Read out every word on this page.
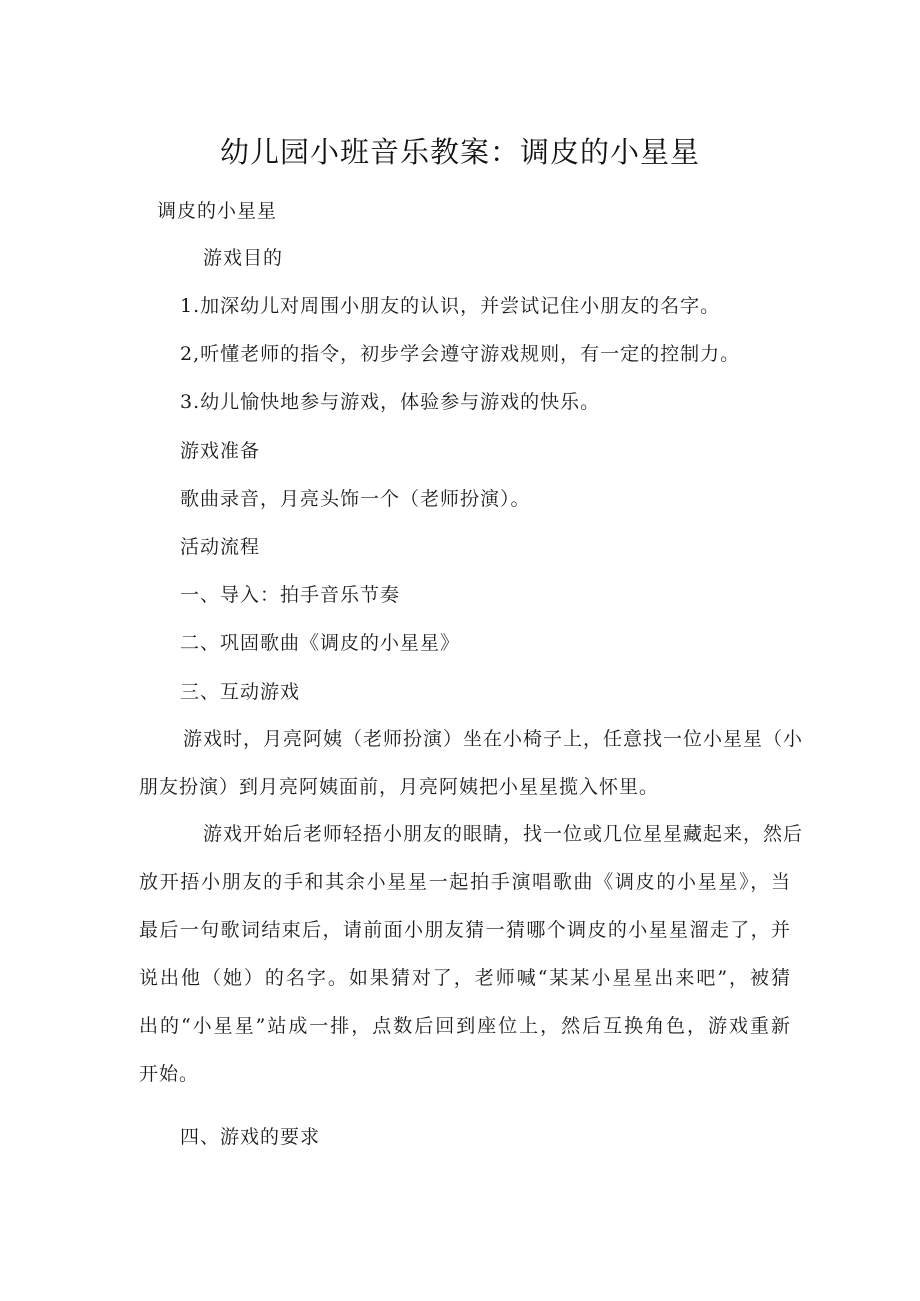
幼儿园小班音乐教案：调皮的小星星
调皮的小星星
游戏目的
1.加深幼儿对周围小朋友的认识，并尝试记住小朋友的名字。
2,听懂老师的指令，初步学会遵守游戏规则，有一定的控制力。
3.幼儿愉快地参与游戏，体验参与游戏的快乐。
游戏准备
歌曲录音，月亮头饰一个（老师扮演）。
活动流程
一、导入：拍手音乐节奏
二、巩固歌曲《调皮的小星星》
三、互动游戏
游戏时，月亮阿姨（老师扮演）坐在小椅子上，任意找一位小星星（小
朋友扮演）到月亮阿姨面前，月亮阿姨把小星星揽入怀里。
游戏开始后老师轻捂小朋友的眼睛，找一位或几位星星藏起来，然后
放开捂小朋友的手和其余小星星一起拍手演唱歌曲《调皮的小星星》，当
最后一句歌词结束后，请前面小朋友猜一猜哪个调皮的小星星溜走了，并
说出他（她）的名字。如果猜对了，老师喊“某某小星星出来吧”，被猜
出的“小星星”站成一排，点数后回到座位上，然后互换角色，游戏重新
开始。
四、游戏的要求
